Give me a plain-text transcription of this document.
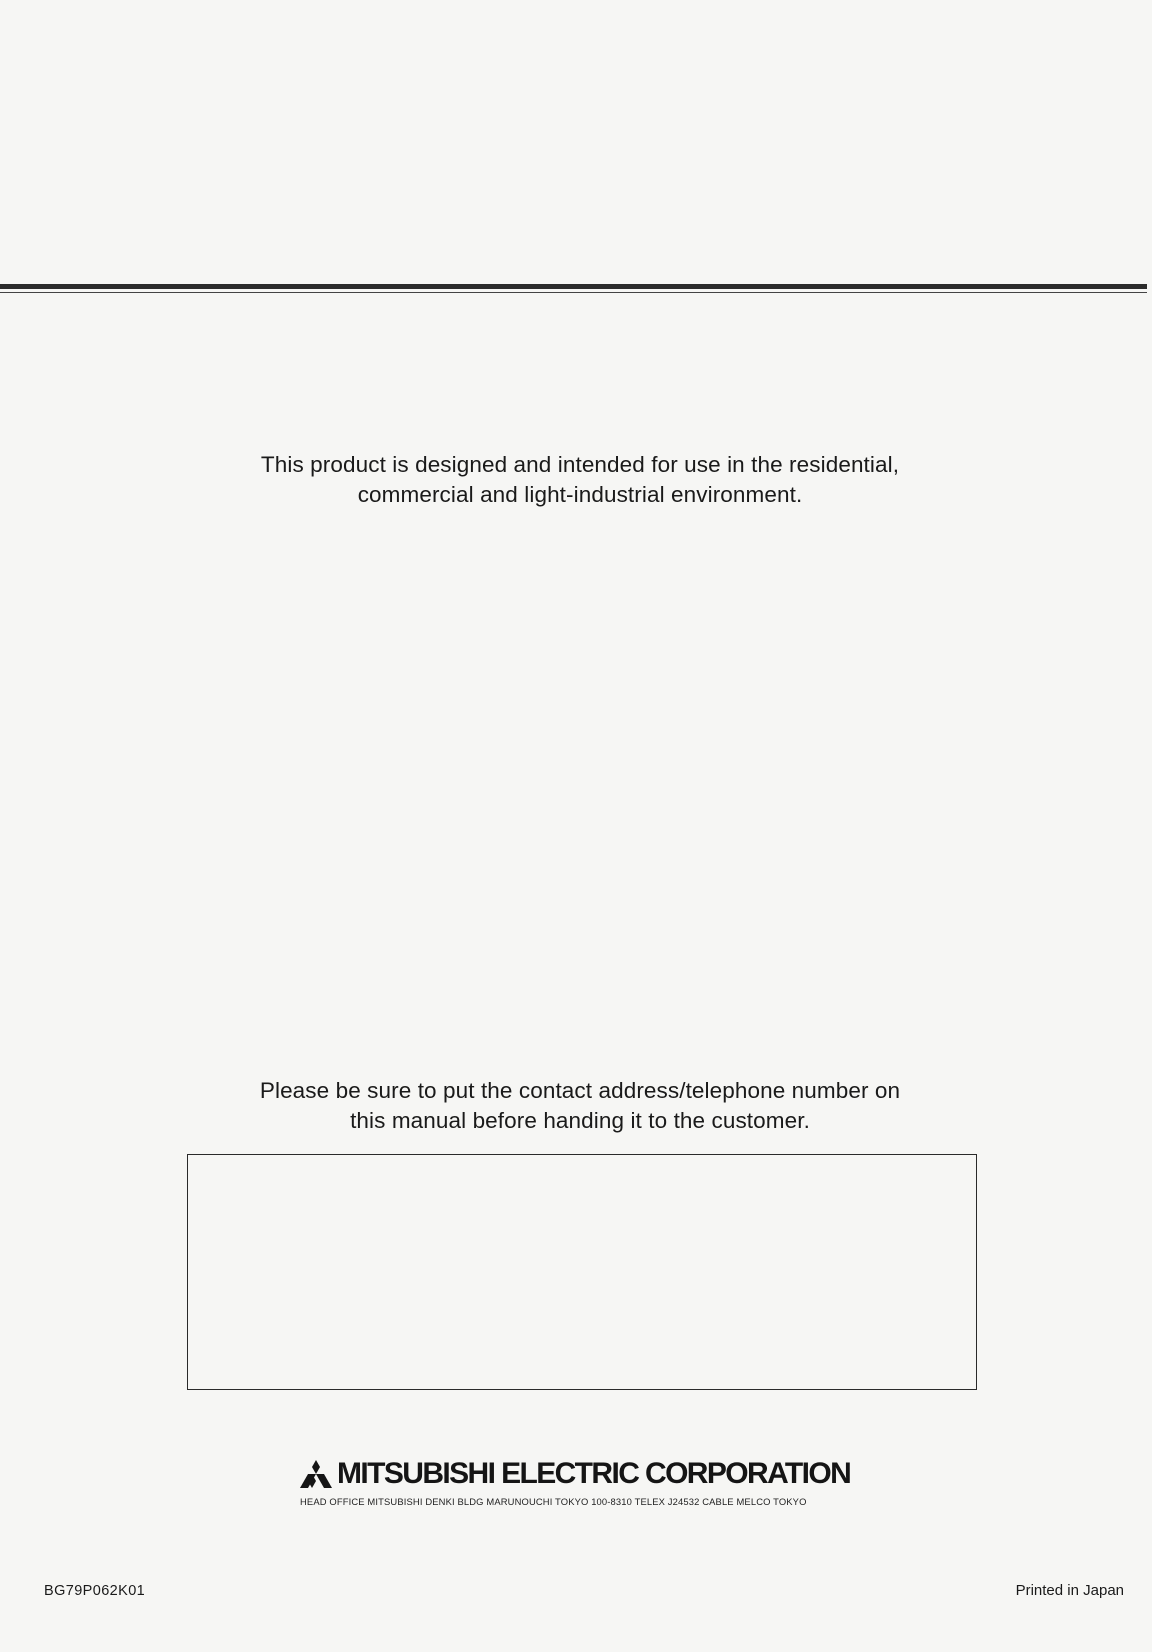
This product is designed and intended for use in the residential,
commercial and light-industrial environment.
Please be sure to put the contact address/telephone number on
this manual before handing it to the customer.
MITSUBISHI ELECTRIC CORPORATION
HEAD OFFICE MITSUBISHI DENKI BLDG MARUNOUCHI TOKYO 100-8310 TELEX J24532 CABLE MELCO TOKYO
BG79P062K01	Printed in Japan
